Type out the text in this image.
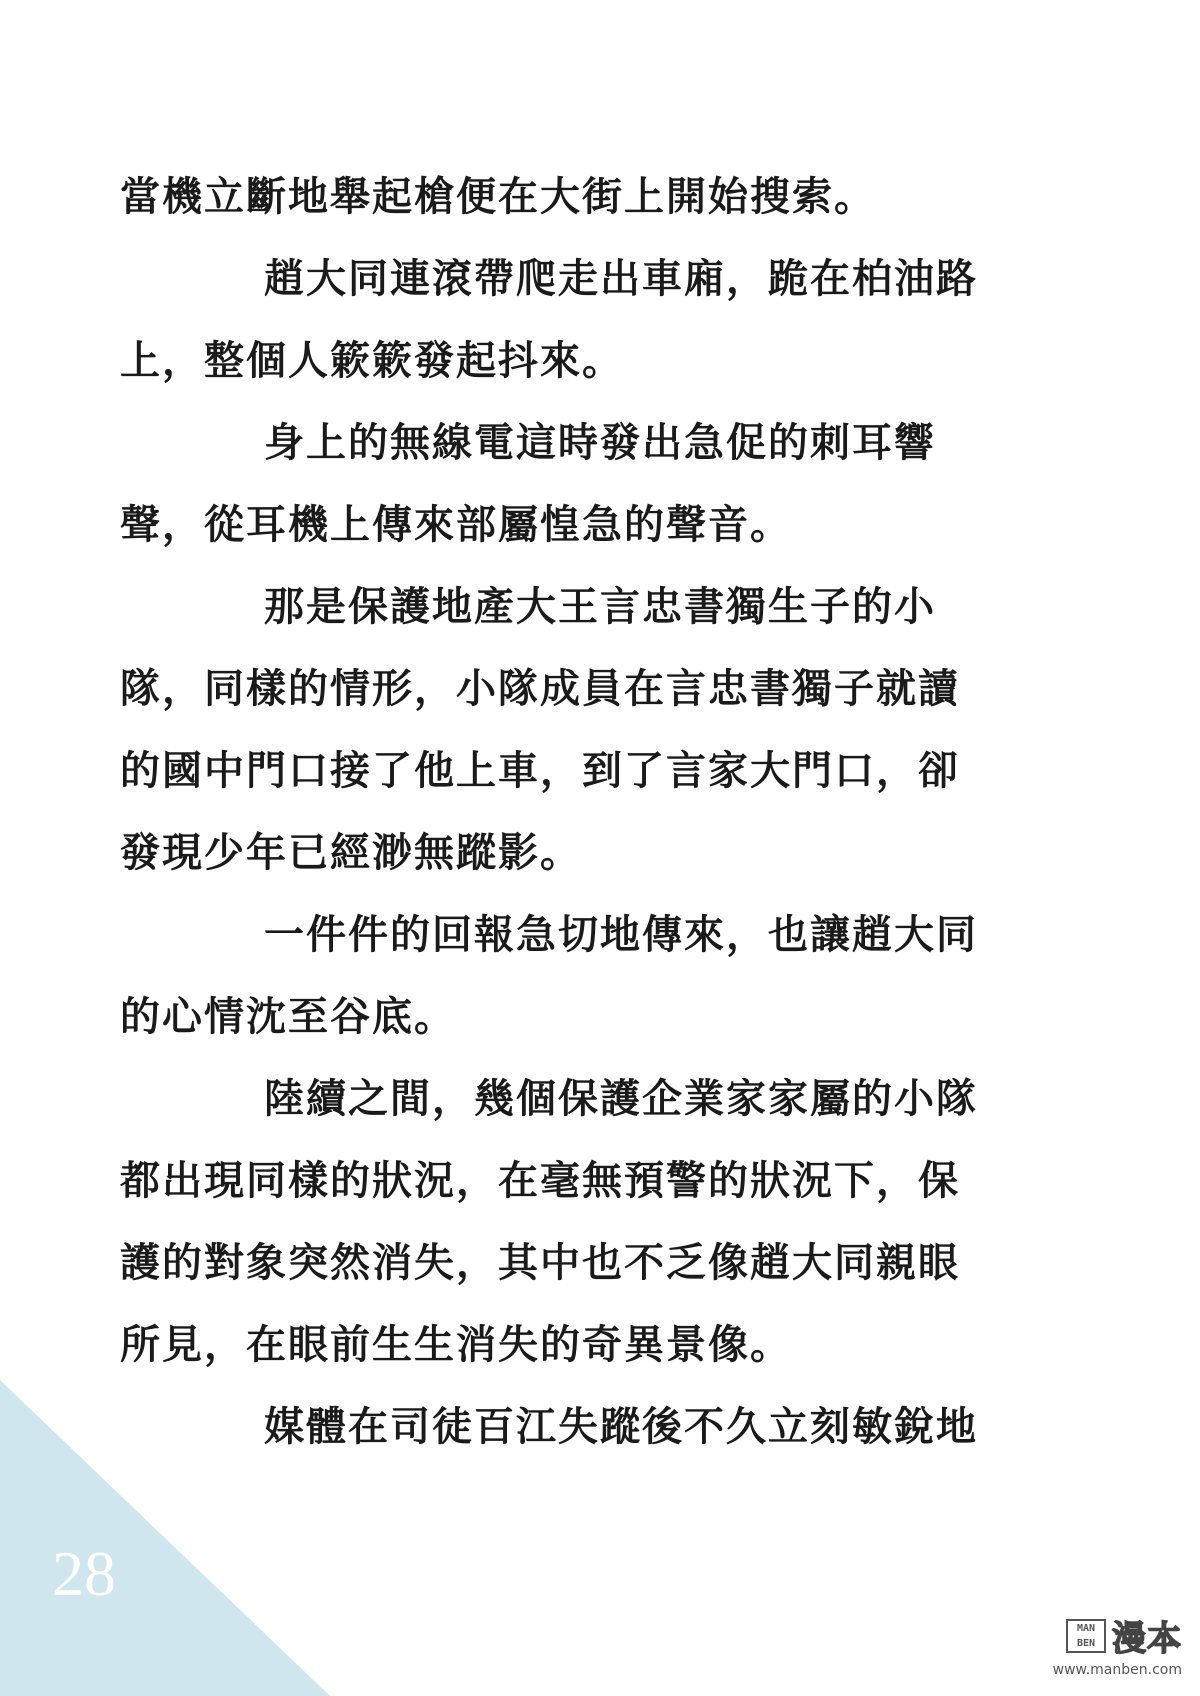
當機立斷地舉起槍便在大街上開始搜索。
趙大同連滾帶爬走出車廂，跪在柏油路
上，整個人簌簌發起抖來。
身上的無線電這時發出急促的刺耳響
聲，從耳機上傳來部屬惶急的聲音。
那是保護地產大王言忠書獨生子的小
隊，同樣的情形，小隊成員在言忠書獨子就讀
的國中門口接了他上車，到了言家大門口，卻
發現少年已經渺無蹤影。
一件件的回報急切地傳來，也讓趙大同
的心情沈至谷底。
陸續之間，幾個保護企業家家屬的小隊
都出現同樣的狀況，在毫無預警的狀況下，保
護的對象突然消失，其中也不乏像趙大同親眼
所見，在眼前生生消失的奇異景像。
媒體在司徒百江失蹤後不久立刻敏銳地
28
MAN BEN 漫本
www.manben.com
